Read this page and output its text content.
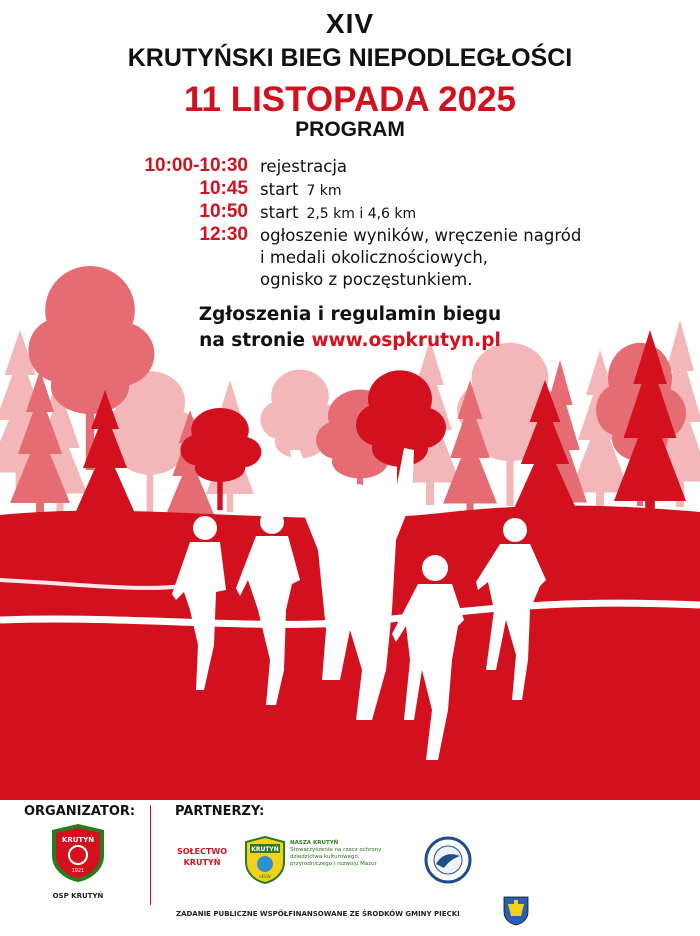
XIV
KRUTYŃSKI BIEG NIEPODLEGŁOŚCI
11 LISTOPADA 2025
PROGRAM
10:00-10:30 rejestracja
10:45 start 7 km
10:50 start 2,5 km i 4,6 km
12:30 ogłoszenie wyników, wręczenie nagród
i medali okolicznościowych,
ognisko z poczęstunkiem.
Zgłoszenia i regulamin biegu
na stronie www.ospkrutyn.pl
ORGANIZATOR:	PARTNERZY:
KRUTYŃ
1921
OSP KRUTYŃ
SOŁECTWO
KRUTYŃ
KRUTYŃ
LKSW
NASZA KRUTYŃ
Stowarzyszenie na rzecz ochrony
dziedzictwa kulturowego,
przyrodniczego i rozwoju Mazur
ZADANIE PUBLICZNE WSPÓŁFINANSOWANE ZE ŚRODKÓW GMINY PIECKI
